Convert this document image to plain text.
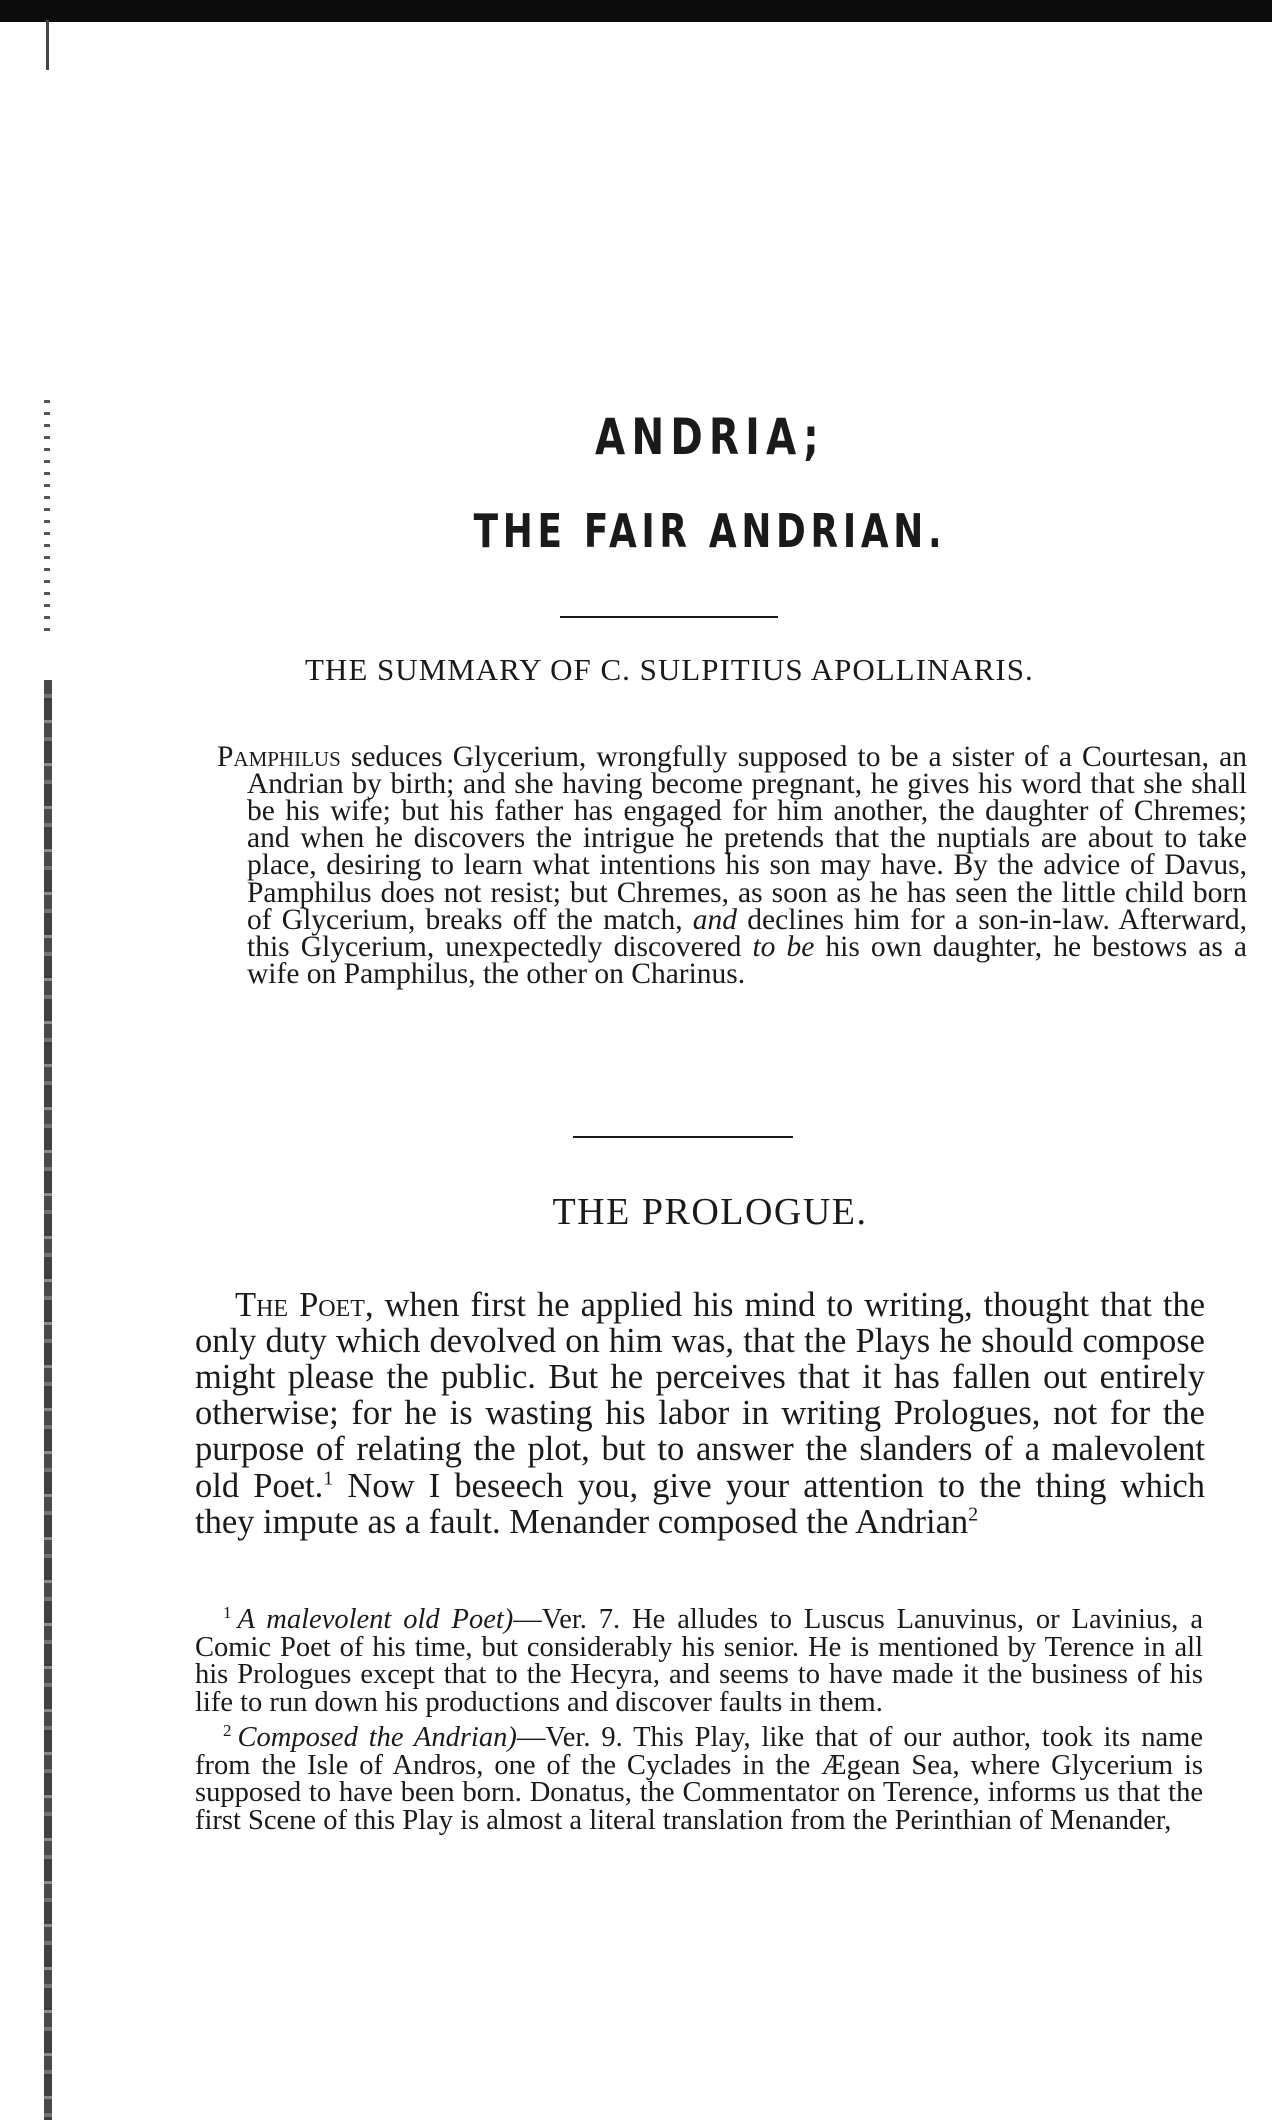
ANDRIA;
THE FAIR ANDRIAN.
THE SUMMARY OF C. SULPITIUS APOLLINARIS.

Pamphilus seduces Glycerium, wrongfully supposed to be a sister of a Courtesan, an Andrian by birth; and she having become pregnant, he gives his word that she shall be his wife; but his father has engaged for him another, the daughter of Chremes; and when he discovers the intrigue he pretends that the nuptials are about to take place, desiring to learn what intentions his son may have. By the advice of Davus, Pamphilus does not resist; but Chremes, as soon as he has seen the little child born of Glycerium, breaks off the match, and declines him for a son-in-law. Afterward, this Glycerium, unexpectedly discovered to be his own daughter, he bestows as a wife on Pamphilus, the other on Charinus.

THE PROLOGUE.

The Poet, when first he applied his mind to writing, thought that the only duty which devolved on him was, that the Plays he should compose might please the public. But he perceives that it has fallen out entirely otherwise; for he is wasting his labor in writing Prologues, not for the purpose of relating the plot, but to answer the slanders of a malevolent old Poet.$^1$ Now I beseech you, give your attention to the thing which they impute as a fault. Menander composed the Andrian$^2$

$^1$ A malevolent old Poet)—Ver. 7. He alludes to Luscus Lanuvinus, or Lavinius, a Comic Poet of his time, but considerably his senior. He is mentioned by Terence in all his Prologues except that to the Hecyra, and seems to have made it the business of his life to run down his productions and discover faults in them.

$^2$ Composed the Andrian)—Ver. 9. This Play, like that of our author, took its name from the Isle of Andros, one of the Cyclades in the Ægean Sea, where Glycerium is supposed to have been born. Donatus, the Commentator on Terence, informs us that the first Scene of this Play is almost a literal translation from the Perinthian of Menander,
